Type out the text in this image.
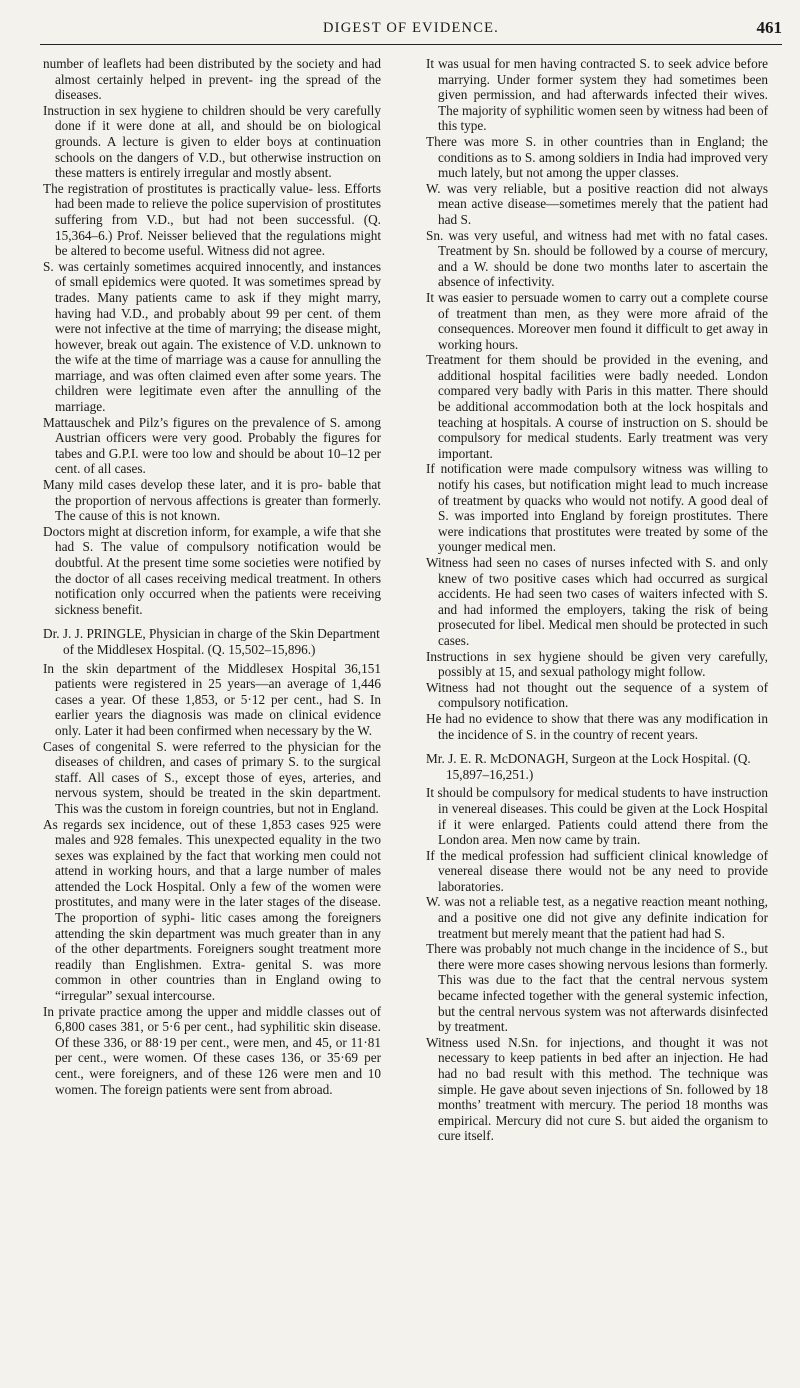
DIGEST OF EVIDENCE.	461

number of leaflets had been distributed by the society and had almost certainly helped in prevent- ing the spread of the diseases.

Instruction in sex hygiene to children should be very carefully done if it were done at all, and should be on biological grounds. A lecture is given to elder boys at continuation schools on the dangers of V.D., but otherwise instruction on these matters is entirely irregular and mostly absent.

The registration of prostitutes is practically value- less. Efforts had been made to relieve the police supervision of prostitutes suffering from V.D., but had not been successful. (Q. 15,364–6.) Prof. Neisser believed that the regulations might be altered to become useful. Witness did not agree.

S. was certainly sometimes acquired innocently, and instances of small epidemics were quoted. It was sometimes spread by trades. Many patients came to ask if they might marry, having had V.D., and probably about 99 per cent. of them were not infective at the time of marrying; the disease might, however, break out again. The existence of V.D. unknown to the wife at the time of marriage was a cause for annulling the marriage, and was often claimed even after some years. The children were legitimate even after the annulling of the marriage.

Mattauschek and Pilz’s figures on the prevalence of S. among Austrian officers were very good. Probably the figures for tabes and G.P.I. were too low and should be about 10–12 per cent. of all cases.

Many mild cases develop these later, and it is pro- bable that the proportion of nervous affections is greater than formerly. The cause of this is not known.

Doctors might at discretion inform, for example, a wife that she had S. The value of compulsory notification would be doubtful. At the present time some societies were notified by the doctor of all cases receiving medical treatment. In others notification only occurred when the patients were receiving sickness benefit.

Dr. J. J. PRINGLE, Physician in charge of the Skin Department of the Middlesex Hospital. (Q. 15,502–15,896.)

In the skin department of the Middlesex Hospital 36,151 patients were registered in 25 years—an average of 1,446 cases a year. Of these 1,853, or 5·12 per cent., had S. In earlier years the diagnosis was made on clinical evidence only. Later it had been confirmed when necessary by the W.

Cases of congenital S. were referred to the physician for the diseases of children, and cases of primary S. to the surgical staff. All cases of S., except those of eyes, arteries, and nervous system, should be treated in the skin department. This was the custom in foreign countries, but not in England.

As regards sex incidence, out of these 1,853 cases 925 were males and 928 females. This unexpected equality in the two sexes was explained by the fact that working men could not attend in working hours, and that a large number of males attended the Lock Hospital. Only a few of the women were prostitutes, and many were in the later stages of the disease. The proportion of syphi- litic cases among the foreigners attending the skin department was much greater than in any of the other departments. Foreigners sought treatment more readily than Englishmen. Extra- genital S. was more common in other countries than in England owing to “irregular” sexual intercourse.

In private practice among the upper and middle classes out of 6,800 cases 381, or 5·6 per cent., had syphilitic skin disease. Of these 336, or 88·19 per cent., were men, and 45, or 11·81 per cent., were women. Of these cases 136, or 35·69 per cent., were foreigners, and of these 126 were men and 10 women. The foreign patients were sent from abroad.

It was usual for men having contracted S. to seek advice before marrying. Under former system they had sometimes been given permission, and had afterwards infected their wives. The majority of syphilitic women seen by witness had been of this type.

There was more S. in other countries than in England; the conditions as to S. among soldiers in India had improved very much lately, but not among the upper classes.

W. was very reliable, but a positive reaction did not always mean active disease—sometimes merely that the patient had had S.

Sn. was very useful, and witness had met with no fatal cases. Treatment by Sn. should be followed by a course of mercury, and a W. should be done two months later to ascertain the absence of infectivity.

It was easier to persuade women to carry out a complete course of treatment than men, as they were more afraid of the consequences. Moreover men found it difficult to get away in working hours.

Treatment for them should be provided in the evening, and additional hospital facilities were badly needed. London compared very badly with Paris in this matter. There should be additional accommodation both at the lock hospitals and teaching at hospitals. A course of instruction on S. should be compulsory for medical students. Early treatment was very important.

If notification were made compulsory witness was willing to notify his cases, but notification might lead to much increase of treatment by quacks who would not notify. A good deal of S. was imported into England by foreign prostitutes. There were indications that prostitutes were treated by some of the younger medical men.

Witness had seen no cases of nurses infected with S. and only knew of two positive cases which had occurred as surgical accidents. He had seen two cases of waiters infected with S. and had informed the employers, taking the risk of being prosecuted for libel. Medical men should be protected in such cases.

Instructions in sex hygiene should be given very carefully, possibly at 15, and sexual pathology might follow.

Witness had not thought out the sequence of a system of compulsory notification.

He had no evidence to show that there was any modification in the incidence of S. in the country of recent years.

Mr. J. E. R. McDONAGH, Surgeon at the Lock Hospital. (Q. 15,897–16,251.)

It should be compulsory for medical students to have instruction in venereal diseases. This could be given at the Lock Hospital if it were enlarged. Patients could attend there from the London area. Men now came by train.

If the medical profession had sufficient clinical knowledge of venereal disease there would not be any need to provide laboratories.

W. was not a reliable test, as a negative reaction meant nothing, and a positive one did not give any definite indication for treatment but merely meant that the patient had had S.

There was probably not much change in the incidence of S., but there were more cases showing nervous lesions than formerly. This was due to the fact that the central nervous system became infected together with the general systemic infection, but the central nervous system was not afterwards disinfected by treatment.

Witness used N.Sn. for injections, and thought it was not necessary to keep patients in bed after an injection. He had had no bad result with this method. The technique was simple. He gave about seven injections of Sn. followed by 18 months’ treatment with mercury. The period 18 months was empirical. Mercury did not cure S. but aided the organism to cure itself.
